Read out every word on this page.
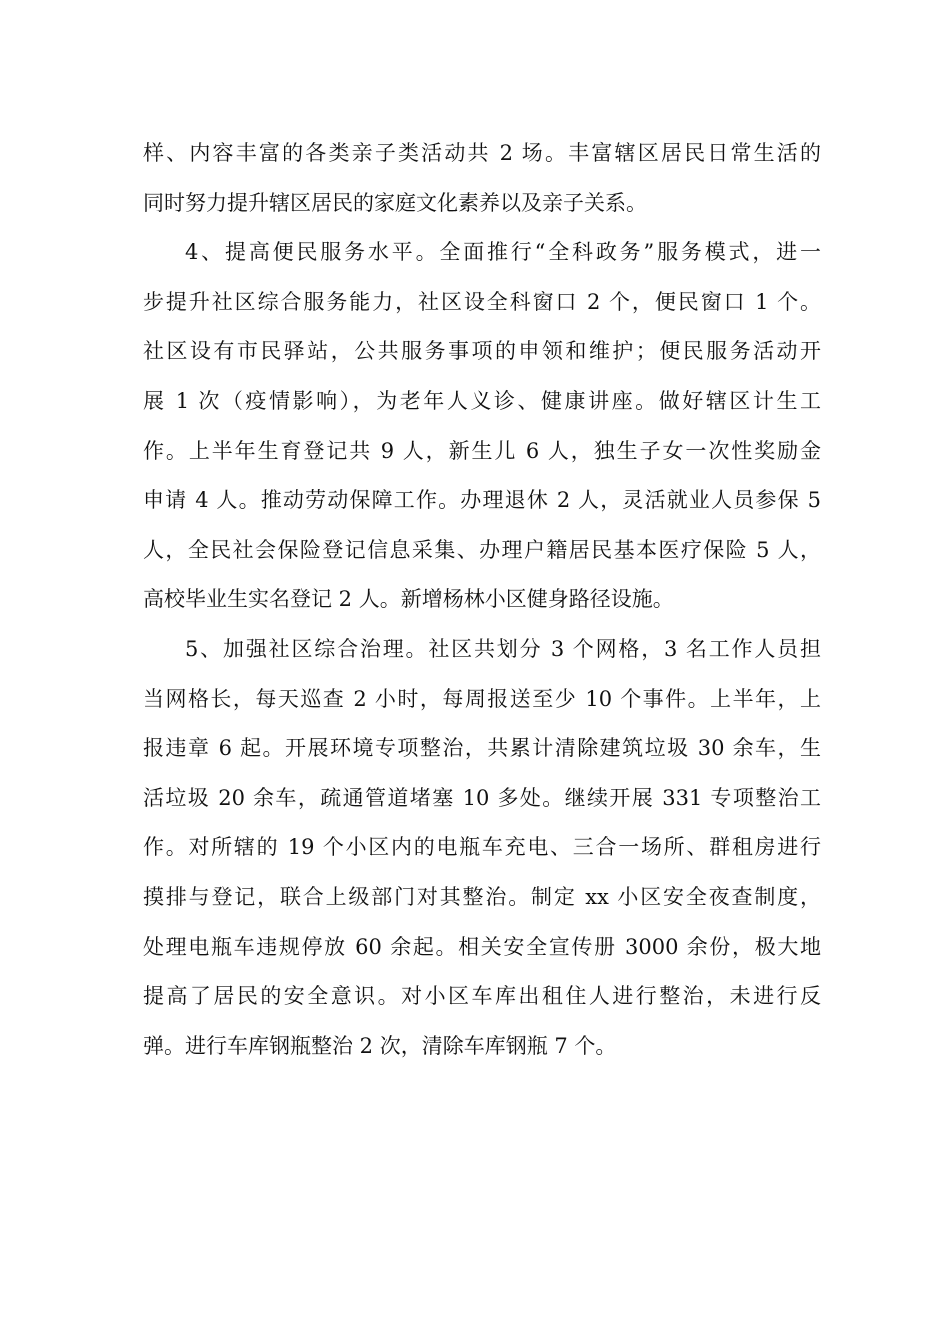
样、内容丰富的各类亲子类活动共 2 场。丰富辖区居民日常生活的
同时努力提升辖区居民的家庭文化素养以及亲子关系。
4、提高便民服务水平。全面推行“全科政务”服务模式，进一
步提升社区综合服务能力，社区设全科窗口 2 个，便民窗口 1 个。
社区设有市民驿站，公共服务事项的申领和维护；便民服务活动开
展 1 次（疫情影响），为老年人义诊、健康讲座。做好辖区计生工
作。上半年生育登记共 9 人，新生儿 6 人，独生子女一次性奖励金
申请 4 人。推动劳动保障工作。办理退休 2 人，灵活就业人员参保 5
人，全民社会保险登记信息采集、办理户籍居民基本医疗保险 5 人，
高校毕业生实名登记 2 人。新增杨林小区健身路径设施。
5、加强社区综合治理。社区共划分 3 个网格，3 名工作人员担
当网格长，每天巡查 2 小时，每周报送至少 10 个事件。上半年，上
报违章 6 起。开展环境专项整治，共累计清除建筑垃圾 30 余车，生
活垃圾 20 余车，疏通管道堵塞 10 多处。继续开展 331 专项整治工
作。对所辖的 19 个小区内的电瓶车充电、三合一场所、群租房进行
摸排与登记，联合上级部门对其整治。制定 xx 小区安全夜查制度，
处理电瓶车违规停放 60 余起。相关安全宣传册 3000 余份，极大地
提高了居民的安全意识。对小区车库出租住人进行整治，未进行反
弹。进行车库钢瓶整治 2 次，清除车库钢瓶 7 个。
